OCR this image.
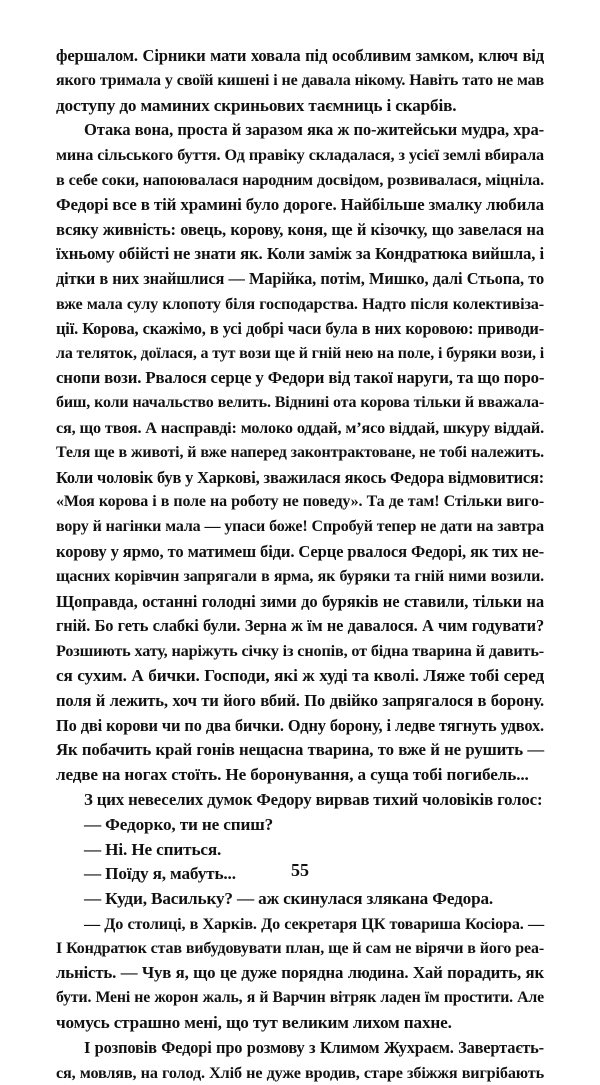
фершалом. Сірники мати ховала під особливим замком, ключ від
якого тримала у своїй кишені і не давала нікому. Навіть тато не мав
доступу до маминих скриньових таємниць і скарбів.
Отака вона, проста й заразом яка ж по-житейськи мудра, хра-
мина сільського буття. Од правіку складалася, з усієї землі вбирала
в себе соки, напоювалася народним досвідом, розвивалася, міцніла.
Федорі все в тій храмині було дороге. Найбільше змалку любила
всяку живність: овець, корову, коня, ще й кізочку, що завелася на
їхньому обійсті не знати як. Коли заміж за Кондратюка вийшла, і
дітки в них знайшлися — Марійка, потім, Мишко, далі Стьопа, то
вже мала сулу клопоту біля господарства. Надто після колективіза-
ції. Корова, скажімо, в усі добрі часи була в них коровою: приводи-
ла теляток, доїлася, а тут вози ще й гній нею на поле, і буряки вози, і
снопи вози. Рвалося серце у Федори від такої наруги, та що поро-
биш, коли начальство велить. Віднині ота корова тільки й вважала-
ся, що твоя. А насправді: молоко оддай, м’ясо віддай, шкуру віддай.
Теля ще в животі, й вже наперед законтрактоване, не тобі належить.
Коли чоловік був у Харкові, зважилася якось Федора відмовитися:
«Моя корова і в поле на роботу не поведу». Та де там! Стільки вигo-
вору й нагінки мала — упаси боже! Спробуй тепер не дати на завтра
корову у ярмо, то матимеш біди. Серце рвалося Федорі, як тих не-
щасних корівчин запрягали в ярма, як буряки та гній ними возили.
Щоправда, останні голодні зими до буряків не ставили, тільки на
гній. Бо геть слабкі були. Зерна ж їм не давалося. А чим годувати?
Розшиють хату, наріжуть січку із снопів, от бідна тварина й давить-
ся сухим. А бички. Господи, які ж худі та кволі. Ляже тобі серед
поля й лежить, хоч ти його вбий. По двійко запрягалося в борону.
По дві корови чи по два бички. Одну борону, і ледве тягнуть удвох.
Як побачить край гонів нещасна тварина, то вже й не рушить —
ледве на ногах стоїть. Не боронування, а суща тобі погибель...
З цих невеселих думок Федору вирвав тихий чоловіків голос:
— Федорко, ти не спиш?
— Ні. Не спиться.
— Поїду я, мабуть...
— Куди, Васильку? — аж скинулася злякана Федора.
— До столиці, в Харків. До секретаря ЦК товариша Косіора. —
І Кондратюк став вибудовувати план, ще й сам не вірячи в його реа-
льність. — Чув я, що це дуже порядна людина. Хай порадить, як
бути. Мені не жорон жаль, я й Варчин вітряк ладен їм простити. Але
чомусь страшно мені, що тут великим лихом пахне.
І розповів Федорі про розмову з Климом Жухраєм. Завертаєть-
ся, мовляв, на голод. Хліб не дуже вродив, старе збіжжя вигрібають
55
